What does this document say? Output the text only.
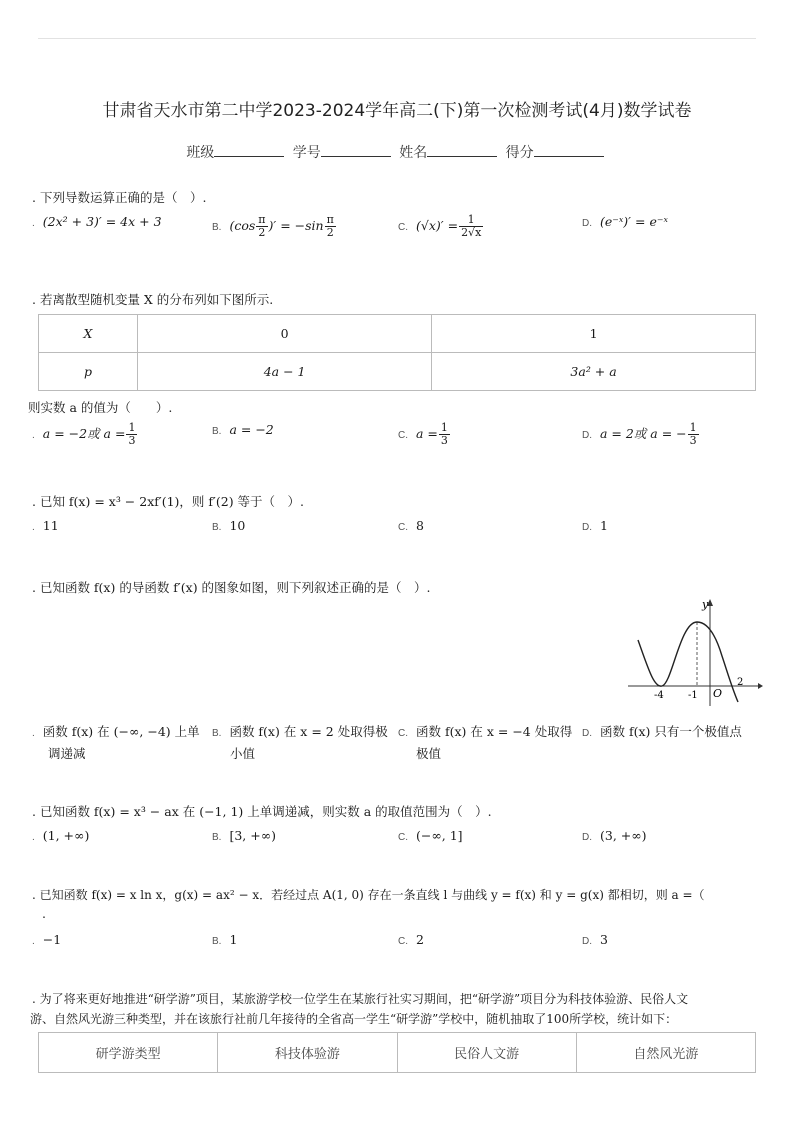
甘肃省天水市第二中学2023-2024学年高二(下)第一次检测考试(4月)数学试卷
班级	学号	姓名	得分
. 下列导数运算正确的是（　）.
. (2x² + 3)′ = 4x + 3	B. ($\cos \frac{\pi}{2}$ )′ = $-\sin \frac{\pi}{2}$	C. $(√x)' = \frac{1}{2√x}$	D. (e⁻ˣ)′ = e⁻ˣ
. 若离散型随机变量 X 的分布列如下图所示.
X	0	1
p	4a − 1	3a² + a
则实数 a 的值为（　　）.
. a = −2或 $a = \frac{1}{3}$	B. a = −2	C. $a = \frac{1}{3}$	D. a = 2或 a = − $\frac{1}{3}$
. 已知 f(x) = x³ − 2xf′(1)，则 f′(2) 等于（　）.
. 11	B. 10	C. 8	D. 1
. 已知函数 f(x) 的导函数 f′(x) 的图象如图，则下列叙述正确的是（　）.
y
O
-4 -1
2
. 函数 f(x) 在 (−∞, −4) 上单
调递减
B. 函数 f(x) 在 x = 2 处取得极
小值
C. 函数 f(x) 在 x = −4 处取得
极值
D. 函数 f(x) 只有一个极值点
. 已知函数 f(x) = x³ − ax 在 (−1, 1) 上单调递减，则实数 a 的取值范围为（　）.
. (1, +∞)	B. [3, +∞)	C. (−∞, 1]	D. (3, +∞)
. 已知函数 f(x) = x ln x，g(x) = ax² − x．若经过点 A(1, 0) 存在一条直线 l 与曲线 y = f(x) 和 y = g(x) 都相切，则 a =（
.
. −1	B. 1	C. 2	D. 3
. 为了将来更好地推进“研学游”项目，某旅游学校一位学生在某旅行社实习期间，把“研学游”项目分为科技体验游、民俗人文
游、自然风光游三种类型，并在该旅行社前几年接待的全省高一学生“研学游”学校中，随机抽取了100所学校，统计如下：
研学游类型	科技体验游	民俗人文游	自然风光游
